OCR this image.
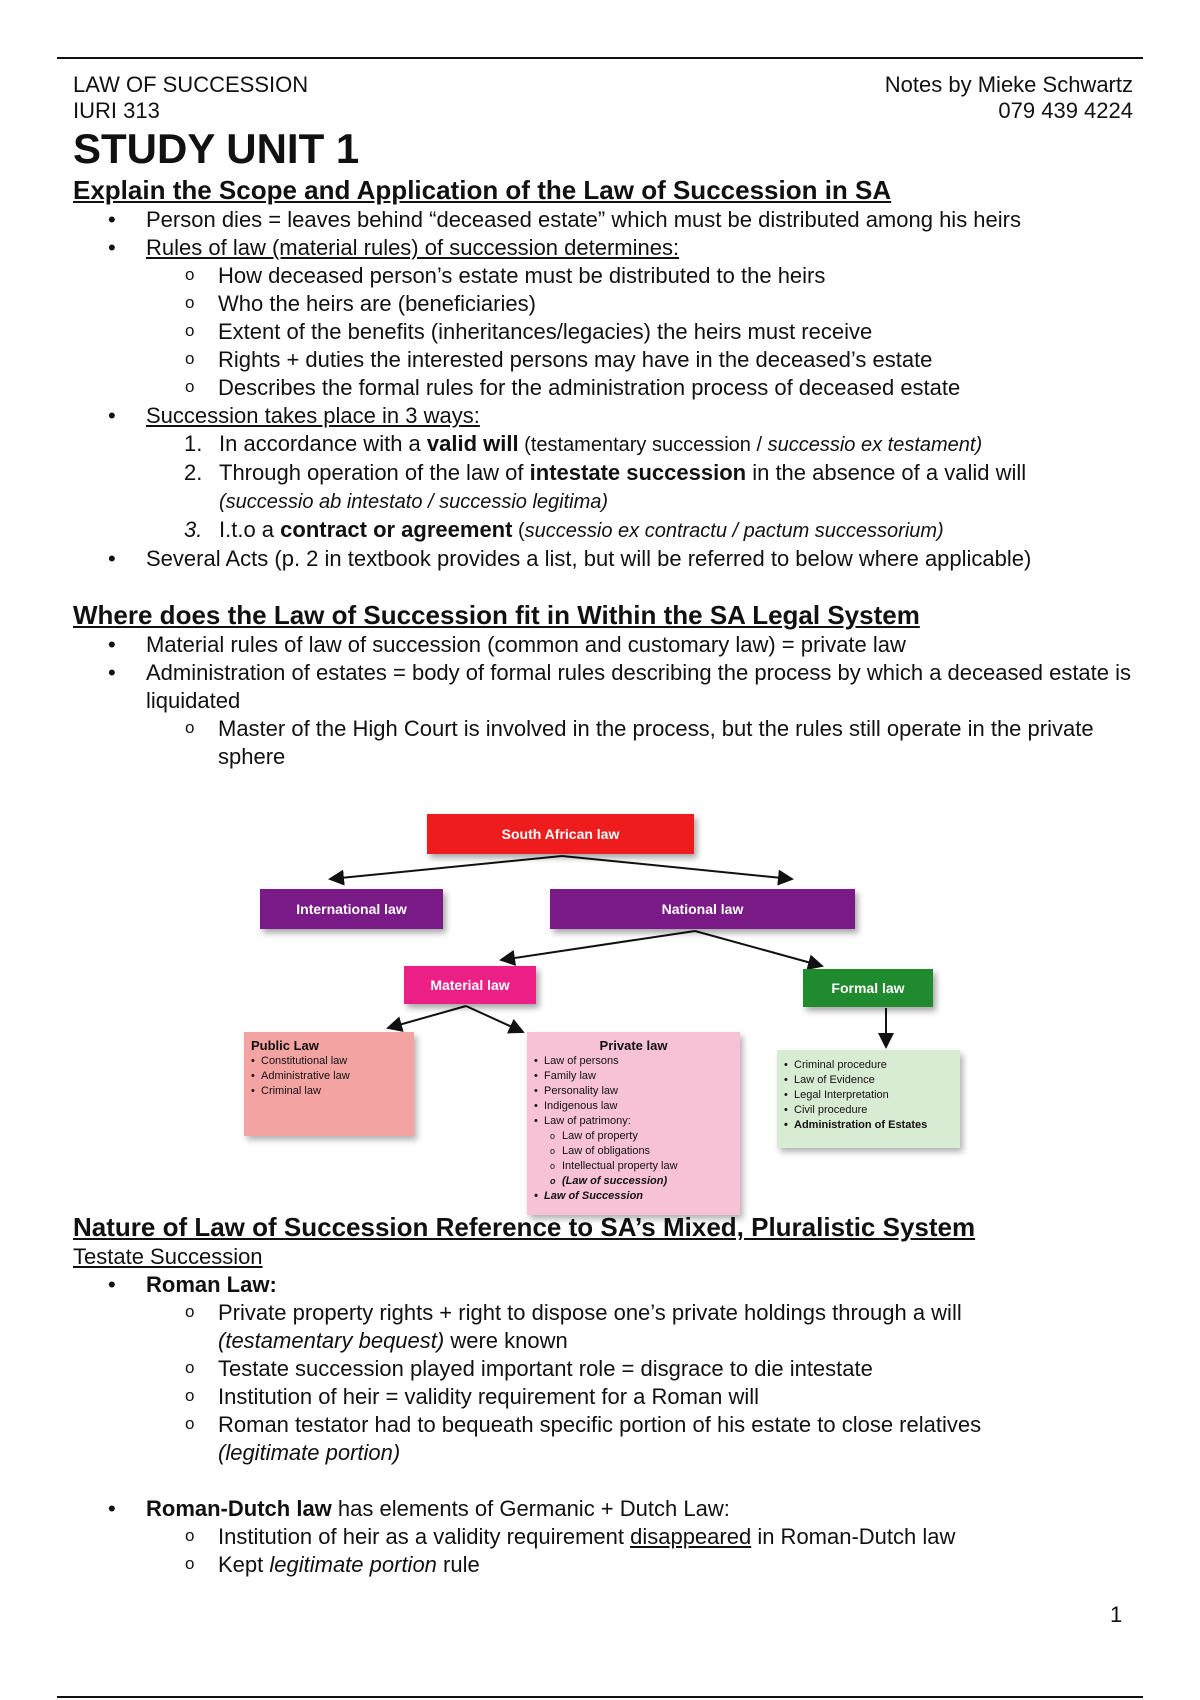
LAW OF SUCCESSION
IURI 313
Notes by Mieke Schwartz
079 439 4224
STUDY UNIT 1
Explain the Scope and Application of the Law of Succession in SA
• Person dies = leaves behind “deceased estate” which must be distributed among his heirs
• Rules of law (material rules) of succession determines:
o How deceased person’s estate must be distributed to the heirs
o Who the heirs are (beneficiaries)
o Extent of the benefits (inheritances/legacies) the heirs must receive
o Rights + duties the interested persons may have in the deceased’s estate
o Describes the formal rules for the administration process of deceased estate
• Succession takes place in 3 ways:
1. In accordance with a valid will (testamentary succession / successio ex testament)
2. Through operation of the law of intestate succession in the absence of a valid will
(successio ab intestato / successio legitima)
3. I.t.o a contract or agreement (successio ex contractu / pactum successorium)
• Several Acts (p. 2 in textbook provides a list, but will be referred to below where applicable)
Where does the Law of Succession fit in Within the SA Legal System
• Material rules of law of succession (common and customary law) = private law
• Administration of estates = body of formal rules describing the process by which a deceased estate is liquidated
o Master of the High Court is involved in the process, but the rules still operate in the private sphere
South African law
International law	National law
Material law	Formal law
Public Law
• Constitutional law
• Administrative law
• Criminal law
Private law
• Law of persons
• Family law
• Personality law
• Indigenous law
• Law of patrimony:
o Law of property
o Law of obligations
o Intellectual property law
o (Law of succession)
• Law of Succession
• Criminal procedure
• Law of Evidence
• Legal Interpretation
• Civil procedure
• Administration of Estates
Nature of Law of Succession Reference to SA’s Mixed, Pluralistic System
Testate Succession
• Roman Law:
o Private property rights + right to dispose one’s private holdings through a will
(testamentary bequest) were known
o Testate succession played important role = disgrace to die intestate
o Institution of heir = validity requirement for a Roman will
o Roman testator had to bequeath specific portion of his estate to close relatives
(legitimate portion)
• Roman-Dutch law has elements of Germanic + Dutch Law:
o Institution of heir as a validity requirement disappeared in Roman-Dutch law
o Kept legitimate portion rule
1
